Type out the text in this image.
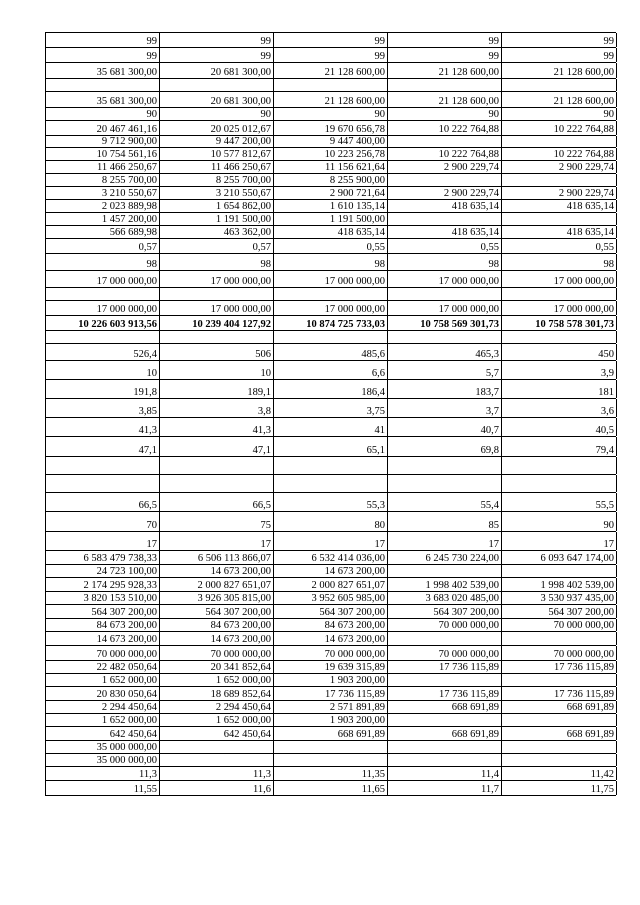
99	99	99	99	99
99	99	99	99	99
35 681 300,00	20 681 300,00	21 128 600,00	21 128 600,00	21 128 600,00
35 681 300,00	20 681 300,00	21 128 600,00	21 128 600,00	21 128 600,00
90	90	90	90	90
20 467 461,16	20 025 012,67	19 670 656,78	10 222 764,88	10 222 764,88
9 712 900,00	9 447 200,00	9 447 400,00
10 754 561,16	10 577 812,67	10 223 256,78	10 222 764,88	10 222 764,88
11 466 250,67	11 466 250,67	11 156 621,64	2 900 229,74	2 900 229,74
8 255 700,00	8 255 700,00	8 255 900,00
3 210 550,67	3 210 550,67	2 900 721,64	2 900 229,74	2 900 229,74
2 023 889,98	1 654 862,00	1 610 135,14	418 635,14	418 635,14
1 457 200,00	1 191 500,00	1 191 500,00
566 689,98	463 362,00	418 635,14	418 635,14	418 635,14
0,57	0,57	0,55	0,55	0,55
98	98	98	98	98
17 000 000,00	17 000 000,00	17 000 000,00	17 000 000,00	17 000 000,00
17 000 000,00	17 000 000,00	17 000 000,00	17 000 000,00	17 000 000,00
10 226 603 913,56	10 239 404 127,92	10 874 725 733,03	10 758 569 301,73	10 758 578 301,73
526,4	506	485,6	465,3	450
10	10	6,6	5,7	3,9
191,8	189,1	186,4	183,7	181
3,85	3,8	3,75	3,7	3,6
41,3	41,3	41	40,7	40,5
47,1	47,1	65,1	69,8	79,4
66,5	66,5	55,3	55,4	55,5
70	75	80	85	90
17	17	17	17	17
6 583 479 738,33	6 506 113 866,07	6 532 414 036,00	6 245 730 224,00	6 093 647 174,00
24 723 100,00	14 673 200,00	14 673 200,00
2 174 295 928,33	2 000 827 651,07	2 000 827 651,07	1 998 402 539,00	1 998 402 539,00
3 820 153 510,00	3 926 305 815,00	3 952 605 985,00	3 683 020 485,00	3 530 937 435,00
564 307 200,00	564 307 200,00	564 307 200,00	564 307 200,00	564 307 200,00
84 673 200,00	84 673 200,00	84 673 200,00	70 000 000,00	70 000 000,00
14 673 200,00	14 673 200,00	14 673 200,00
70 000 000,00	70 000 000,00	70 000 000,00	70 000 000,00	70 000 000,00
22 482 050,64	20 341 852,64	19 639 315,89	17 736 115,89	17 736 115,89
1 652 000,00	1 652 000,00	1 903 200,00
20 830 050,64	18 689 852,64	17 736 115,89	17 736 115,89	17 736 115,89
2 294 450,64	2 294 450,64	2 571 891,89	668 691,89	668 691,89
1 652 000,00	1 652 000,00	1 903 200,00
642 450,64	642 450,64	668 691,89	668 691,89	668 691,89
35 000 000,00
35 000 000,00
11,3	11,3	11,35	11,4	11,42
11,55	11,6	11,65	11,7	11,75
